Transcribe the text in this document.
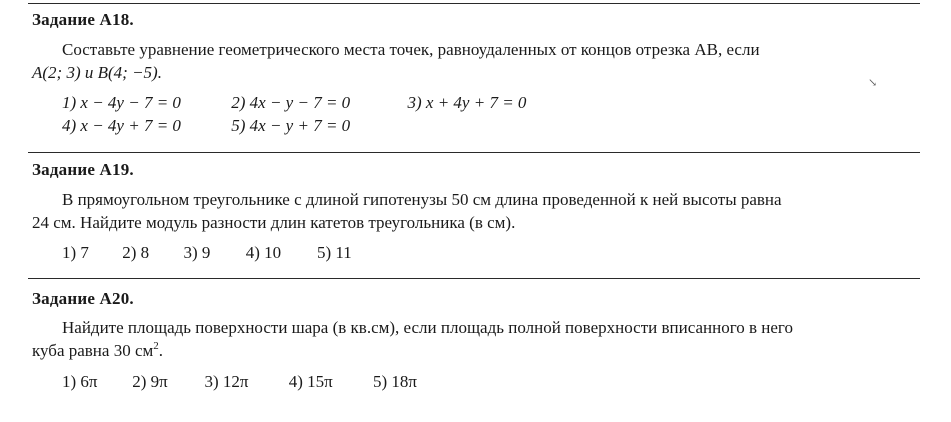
Задание А18.
Составьте уравнение геометрического места точек, равноудаленных от концов отрезка AB, если
A(2; 3) и B(4; −5).
↘
1) x − 4y − 7 = 0	2) 4x − y − 7 = 0	3) x + 4y + 7 = 0
4) x − 4y + 7 = 0	5) 4x − y + 7 = 0
Задание А19.
В прямоугольном треугольнике с длиной гипотенузы 50 см длина проведенной к ней высоты равна
24 см. Найдите модуль разности длин катетов треугольника (в см).
1) 7 2) 8 3) 9 4) 10 5) 11
Задание А20.
Найдите площадь поверхности шара (в кв.см), если площадь полной поверхности вписанного в него
куба равна 30 $см^2$.
1) 6π 2) 9π 3) 12π 4) 15π 5) 18π
